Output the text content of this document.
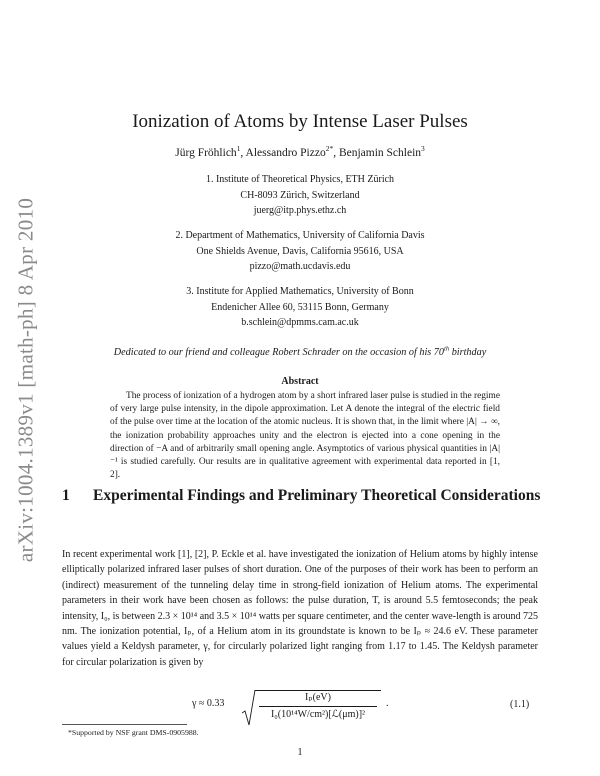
arXiv:1004.1389v1 [math-ph] 8 Apr 2010
Ionization of Atoms by Intense Laser Pulses
Jürg Fröhlich$^1$, Alessandro Pizzo$^{2*}$, Benjamin Schlein$^3$
1. Institute of Theoretical Physics, ETH Zürich
CH-8093 Zürich, Switzerland
juerg@itp.phys.ethz.ch
2. Department of Mathematics, University of California Davis
One Shields Avenue, Davis, California 95616, USA
pizzo@math.ucdavis.edu
3. Institute for Applied Mathematics, University of Bonn
Endenicher Allee 60, 53115 Bonn, Germany
b.schlein@dpmms.cam.ac.uk
Dedicated to our friend and colleague Robert Schrader on the occasion of his 70th birthday
Abstract

The process of ionization of a hydrogen atom by a short infrared laser pulse is studied in the regime of very large pulse intensity, in the dipole approximation. Let A denote the integral of the electric field of the pulse over time at the location of the atomic nucleus. It is shown that, in the limit where |A| → ∞, the ionization probability approaches unity and the electron is ejected into a cone opening in the direction of −A and of arbitrarily small opening angle. Asymptotics of various physical quantities in |A|⁻¹ is studied carefully. Our results are in qualitative agreement with experimental data reported in [1, 2].

1 Experimental Findings and Preliminary Theoretical Considerations

In recent experimental work [1], [2], P. Eckle et al. have investigated the ionization of Helium atoms by highly intense elliptically polarized infrared laser pulses of short duration. One of the purposes of their work has been to perform an (indirect) measurement of the tunneling delay time in strong-field ionization of Helium atoms. The experimental parameters in their work have been chosen as follows: the pulse duration, T, is around 5.5 femtoseconds; the peak intensity, I₀, is between 2.3 × 10¹⁴ and 3.5 × 10¹⁴ watts per square centimeter, and the center wave-length is around 725 nm. The ionization potential, Iₚ, of a Helium atom in its groundstate is known to be Iₚ ≈ 24.6 eV. These parameter values yield a Keldysh parameter, γ, for circularly polarized light ranging from 1.17 to 1.45. The Keldysh parameter for circular polarization is given by

γ ≈ 0.33
Iₚ(eV)
I₀(10¹⁴W/cm²)[ℒ(μm)]²
.	(1.1)
*Supported by NSF grant DMS-0905988.
1
